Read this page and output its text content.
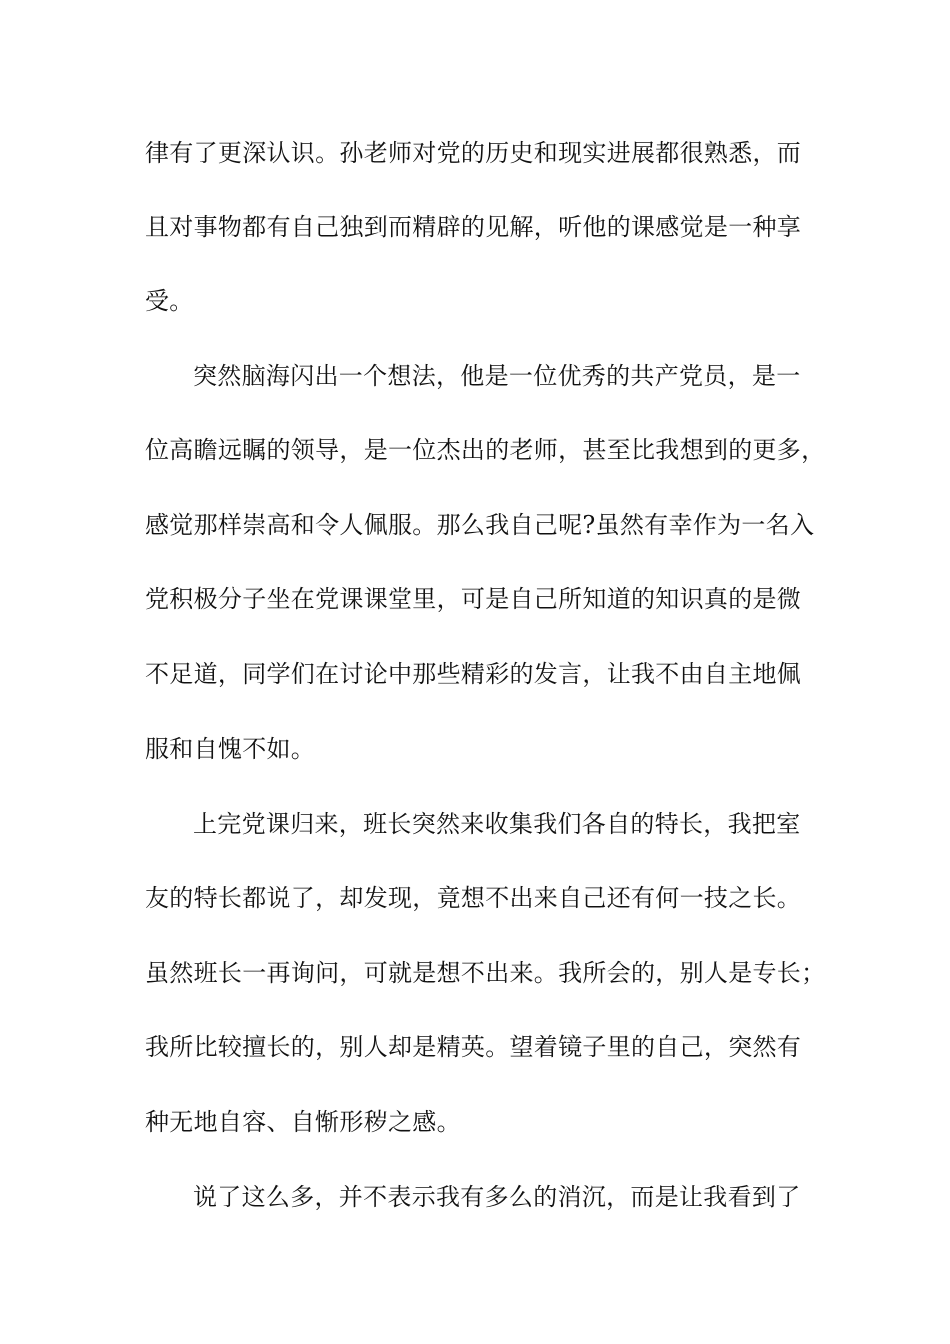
律有了更深认识。孙老师对党的历史和现实进展都很熟悉，而
且对事物都有自己独到而精辟的见解，听他的课感觉是一种享
受。
突然脑海闪出一个想法，他是一位优秀的共产党员，是一
位高瞻远瞩的领导，是一位杰出的老师，甚至比我想到的更多，
感觉那样崇高和令人佩服。那么我自己呢?虽然有幸作为一名入
党积极分子坐在党课课堂里，可是自己所知道的知识真的是微
不足道，同学们在讨论中那些精彩的发言，让我不由自主地佩
服和自愧不如。
上完党课归来，班长突然来收集我们各自的特长，我把室
友的特长都说了，却发现，竟想不出来自己还有何一技之长。
虽然班长一再询问，可就是想不出来。我所会的，别人是专长；
我所比较擅长的，别人却是精英。望着镜子里的自己，突然有
种无地自容、自惭形秽之感。
说了这么多，并不表示我有多么的消沉，而是让我看到了
